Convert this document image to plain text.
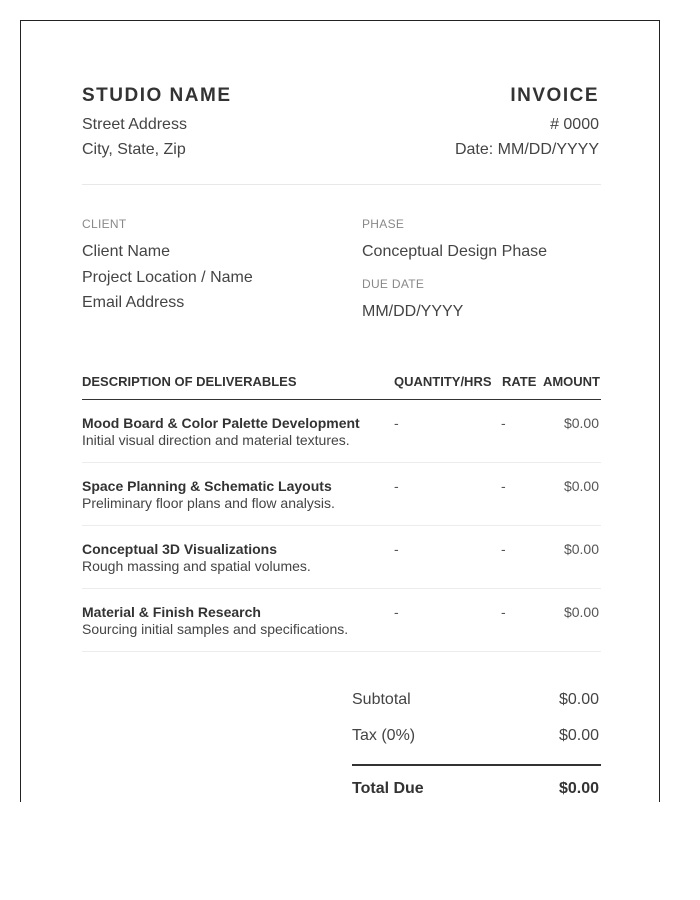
STUDIO NAME
Street Address
City, State, Zip
INVOICE
# 0000
Date: MM/DD/YYYY
CLIENT
Client Name
Project Location / Name
Email Address
PHASE
Conceptual Design Phase
DUE DATE
MM/DD/YYYY
DESCRIPTION OF DELIVERABLES	QUANTITY/HRS RATE AMOUNT
Mood Board & Color Palette Development
Initial visual direction and material textures.
-	-	$0.00
Space Planning & Schematic Layouts
Preliminary floor plans and flow analysis.
-	-	$0.00
Conceptual 3D Visualizations
Rough massing and spatial volumes.
-	-	$0.00
Material & Finish Research
Sourcing initial samples and specifications.
-	-	$0.00
Subtotal	$0.00
Tax (0%)	$0.00
Total Due	$0.00
